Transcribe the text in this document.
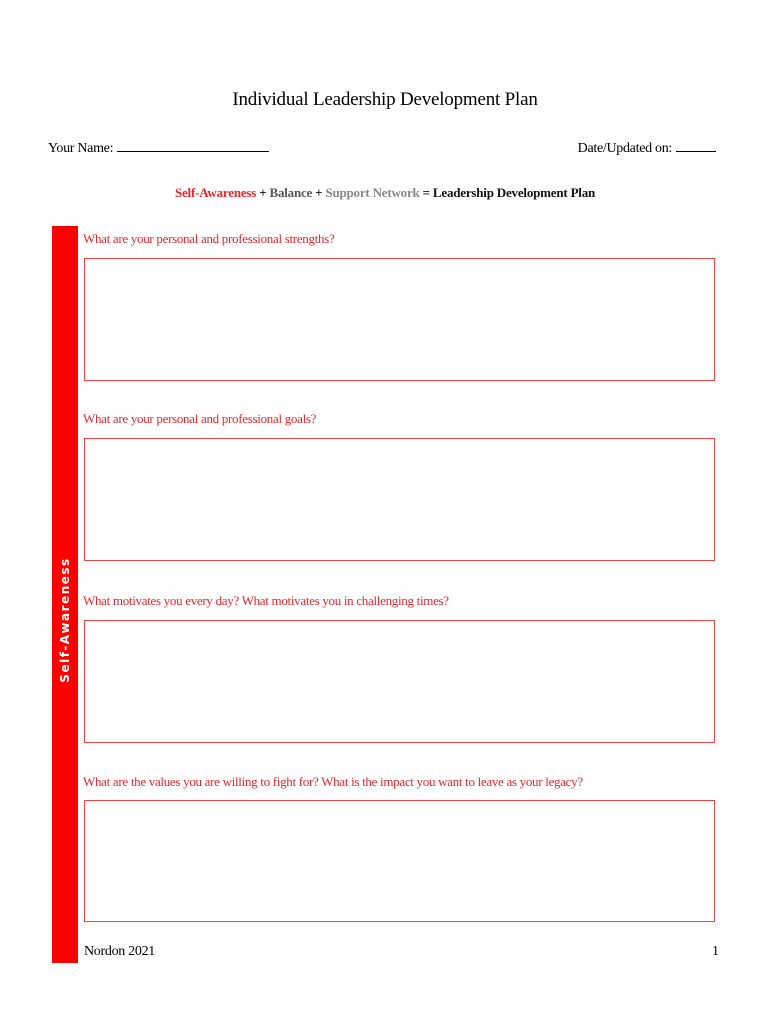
Individual Leadership Development Plan
Your Name:	Date/Updated on:
Self-Awareness + Balance + Support Network = Leadership Development Plan
Self-Awareness
What are your personal and professional strengths?
What are your personal and professional goals?
What motivates you every day? What motivates you in challenging times?
What are the values you are willing to fight for? What is the impact you want to leave as your legacy?
Nordon 2021	1
